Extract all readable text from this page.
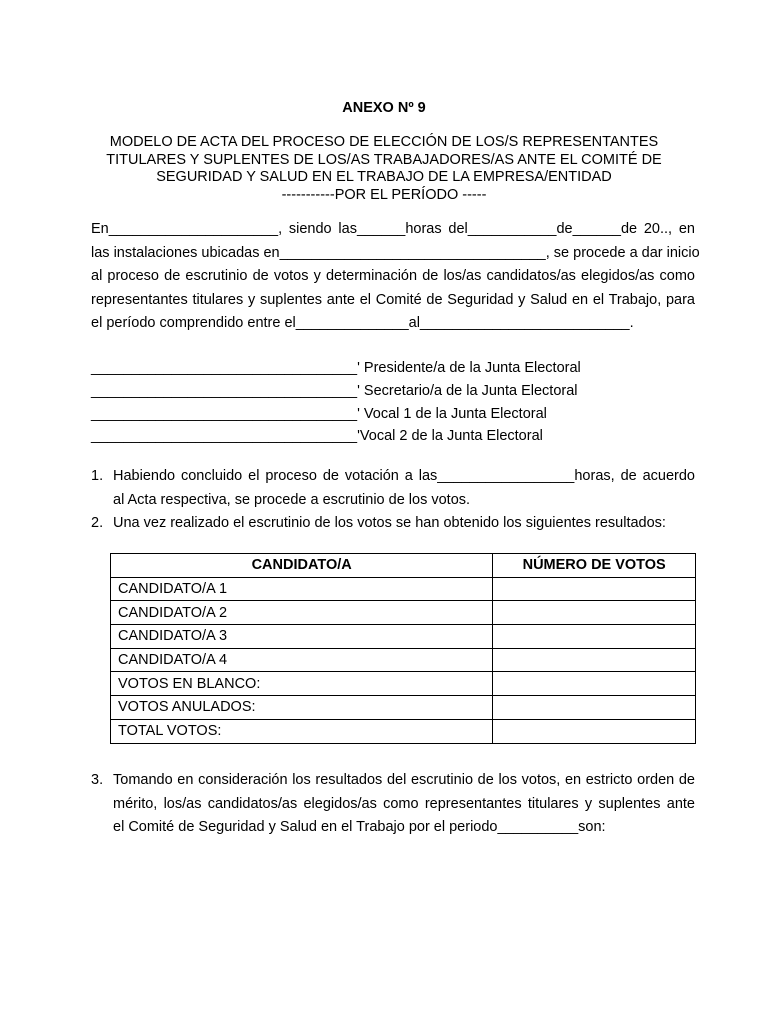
ANEXO Nº 9
MODELO DE ACTA DEL PROCESO DE ELECCIÓN DE LOS/S REPRESENTANTES
TITULARES Y SUPLENTES DE LOS/AS TRABAJADORES/AS ANTE EL COMITÉ DE
SEGURIDAD Y SALUD EN EL TRABAJO DE LA EMPRESA/ENTIDAD
-----------POR EL PERÍODO -----
En_____________________, siendo las______horas del___________de______de 20.., en
las instalaciones ubicadas en_________________________________, se procede a dar inicio
al proceso de escrutinio de votos y determinación de los/as candidatos/as elegidos/as como
representantes titulares y suplentes ante el Comité de Seguridad y Salud en el Trabajo, para
el período comprendido entre el______________al__________________________.
_________________________________' Presidente/a de la Junta Electoral
_________________________________' Secretario/a de la Junta Electoral
_________________________________' Vocal 1 de la Junta Electoral
_________________________________'Vocal 2 de la Junta Electoral
1. Habiendo concluido el proceso de votación a las_________________horas, de acuerdo
al Acta respectiva, se procede a escrutinio de los votos.
2. Una vez realizado el escrutinio de los votos se han obtenido los siguientes resultados:
CANDIDATO/A	NÚMERO DE VOTOS
CANDIDATO/A 1	
CANDIDATO/A 2	
CANDIDATO/A 3	
CANDIDATO/A 4	
VOTOS EN BLANCO:	
VOTOS ANULADOS:	
TOTAL VOTOS:	
3. Tomando en consideración los resultados del escrutinio de los votos, en estricto orden de
mérito, los/as candidatos/as elegidos/as como representantes titulares y suplentes ante
el Comité de Seguridad y Salud en el Trabajo por el periodo__________son:
